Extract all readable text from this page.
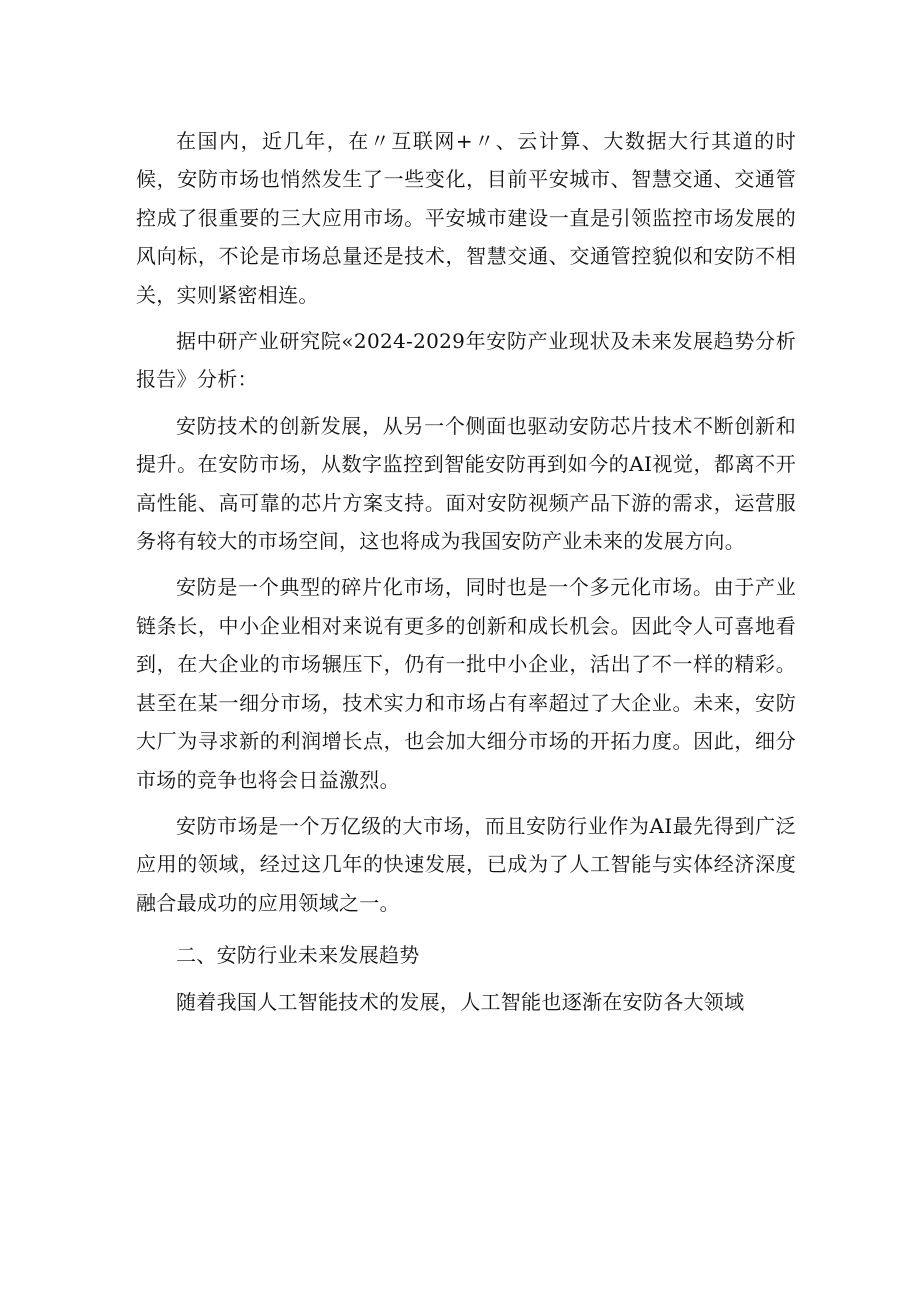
在国内，近几年，在〃互联网+〃、云计算、大数据大行其道的时候，安防市场也悄然发生了一些变化，目前平安城市、智慧交通、交通管控成了很重要的三大应用市场。平安城市建设一直是引领监控市场发展的风向标，不论是市场总量还是技术，智慧交通、交通管控貌似和安防不相关，实则紧密相连。

据中研产业研究院«2024-2029年安防产业现状及未来发展趋势分析报告》分析：

安防技术的创新发展，从另一个侧面也驱动安防芯片技术不断创新和提升。在安防市场，从数字监控到智能安防再到如今的AI视觉，都离不开高性能、高可靠的芯片方案支持。面对安防视频产品下游的需求，运营服务将有较大的市场空间，这也将成为我国安防产业未来的发展方向。

安防是一个典型的碎片化市场，同时也是一个多元化市场。由于产业链条长，中小企业相对来说有更多的创新和成长机会。因此令人可喜地看到，在大企业的市场辗压下，仍有一批中小企业，活出了不一样的精彩。甚至在某一细分市场，技术实力和市场占有率超过了大企业。未来，安防大厂为寻求新的利润增长点，也会加大细分市场的开拓力度。因此，细分市场的竞争也将会日益激烈。

安防市场是一个万亿级的大市场，而且安防行业作为AI最先得到广泛应用的领域，经过这几年的快速发展，已成为了人工智能与实体经济深度融合最成功的应用领域之一。

二、安防行业未来发展趋势

随着我国人工智能技术的发展，人工智能也逐渐在安防各大领域
